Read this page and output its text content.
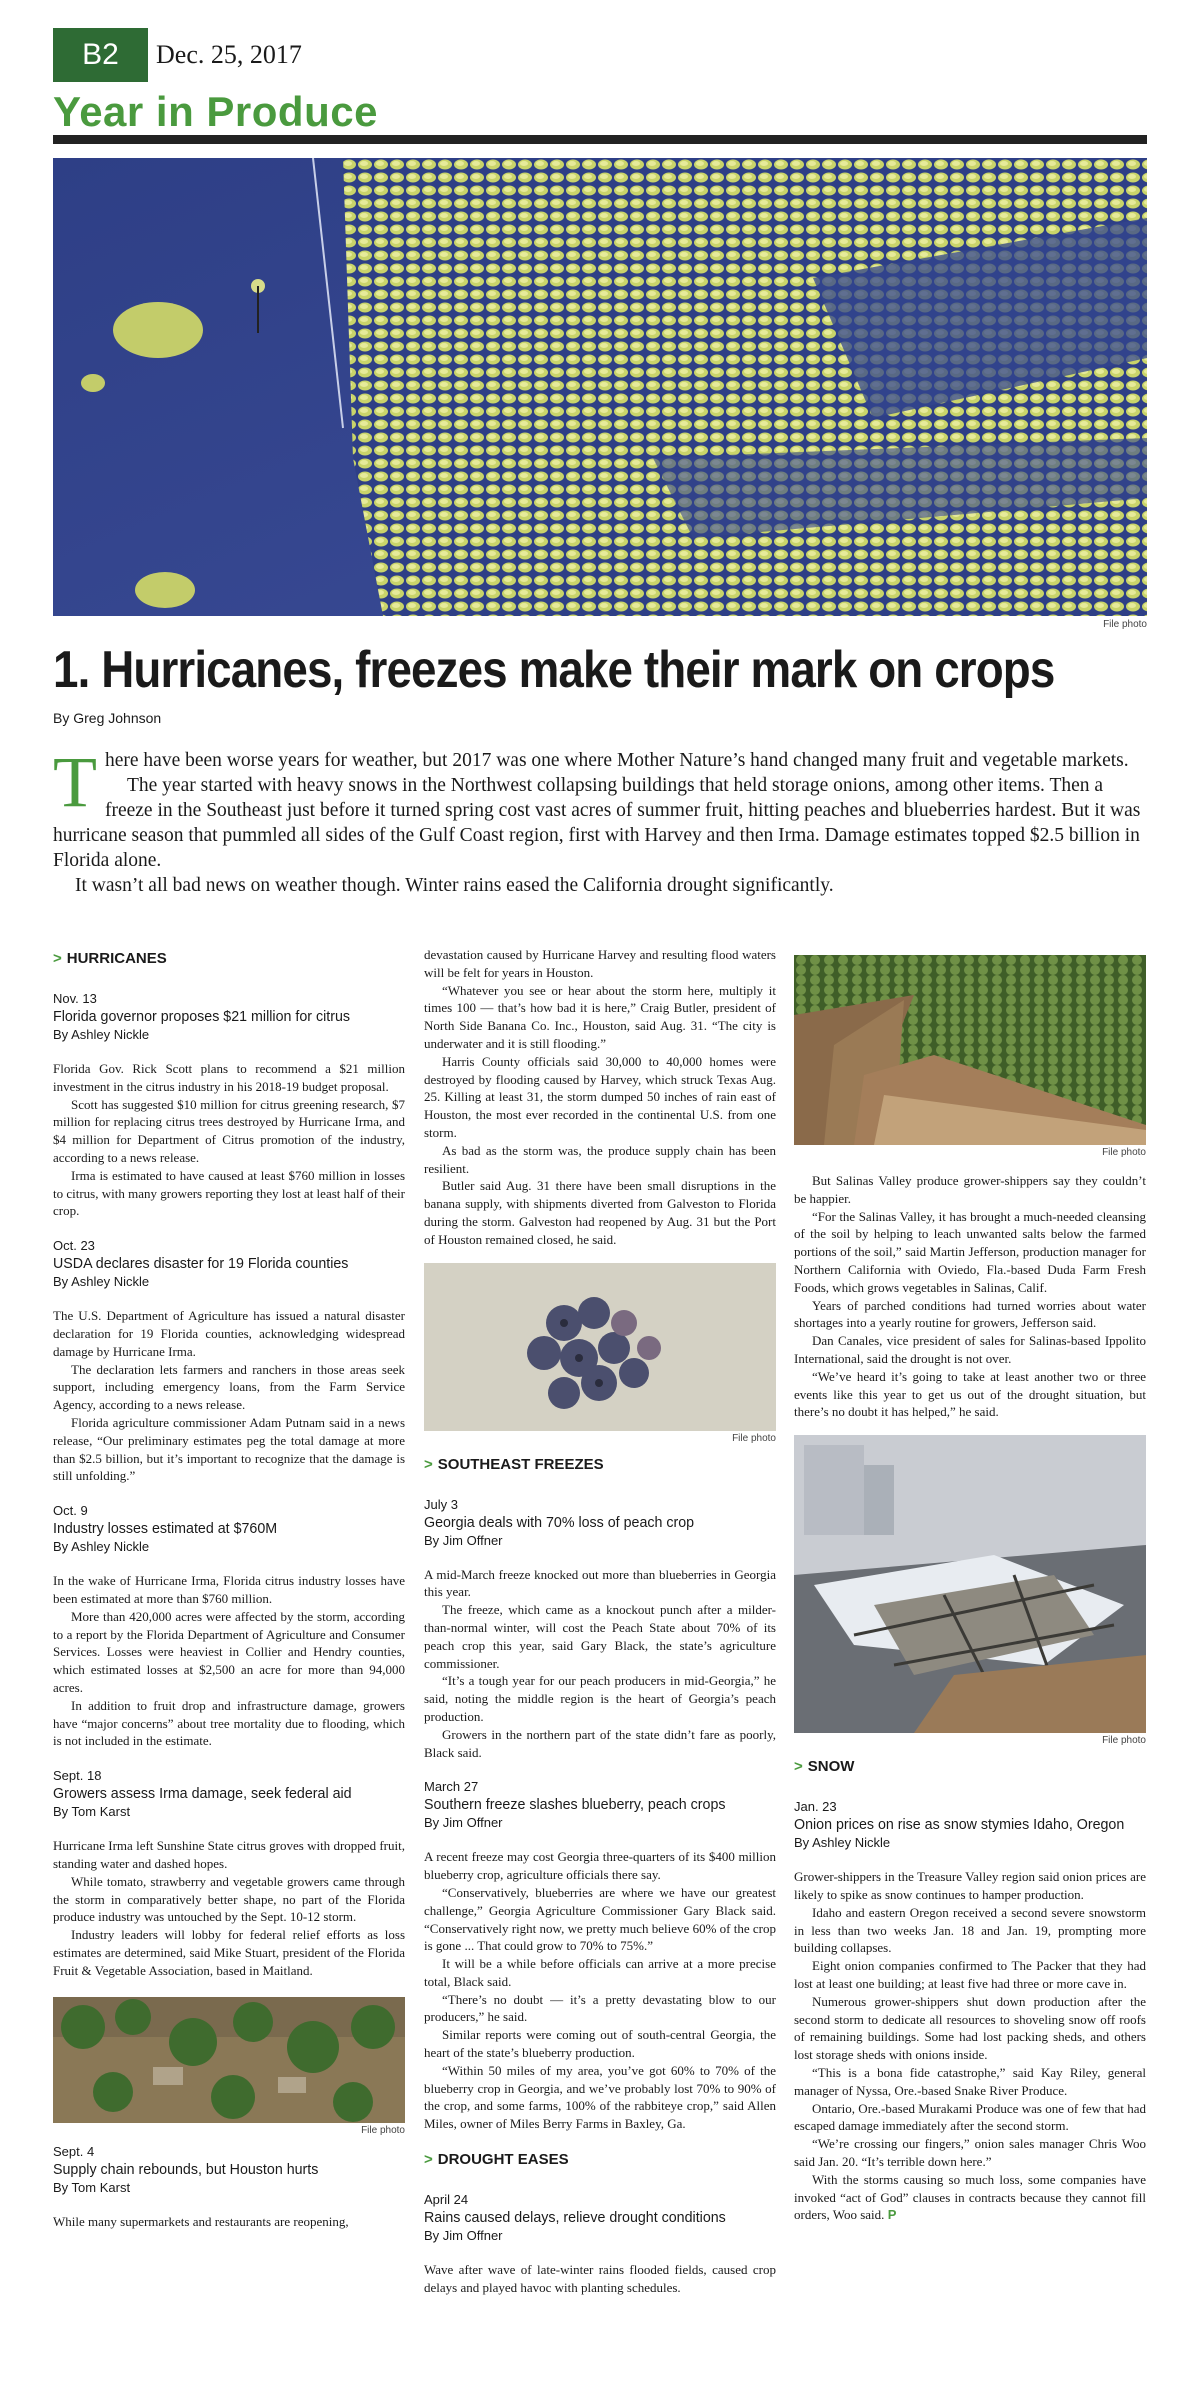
B2	Dec. 25, 2017
Year in Produce
File photo
1. Hurricanes, freezes make their mark on crops
By Greg Johnson

There have been worse years for weather, but 2017 was one where Mother Nature’s hand changed many fruit and vegetable markets.

The year started with heavy snows in the Northwest collapsing buildings that held storage onions, among other items. Then a freeze in the Southeast just before it turned spring cost vast acres of summer fruit, hitting peaches and blueberries hardest. But it was hurricane season that pummled all sides of the Gulf Coast region, first with Harvey and then Irma. Damage estimates topped $2.5 billion in Florida alone.

It wasn’t all bad news on weather though. Winter rains eased the California drought significantly.

> HURRICANES

Nov. 13

Florida governor proposes $21 million for citrus

By Ashley Nickle

Florida Gov. Rick Scott plans to recommend a $21 million investment in the citrus industry in his 2018-19 budget proposal.

Scott has suggested $10 million for citrus greening research, $7 million for replacing citrus trees destroyed by Hurricane Irma, and $4 million for Department of Citrus promotion of the industry, according to a news release.

Irma is estimated to have caused at least $760 million in losses to citrus, with many growers reporting they lost at least half of their crop.

Oct. 23

USDA declares disaster for 19 Florida counties

By Ashley Nickle

The U.S. Department of Agriculture has issued a natural disaster declaration for 19 Florida counties, acknowledging widespread damage by Hurricane Irma.

The declaration lets farmers and ranchers in those areas seek support, including emergency loans, from the Farm Service Agency, according to a news release.

Florida agriculture commissioner Adam Putnam said in a news release, “Our preliminary estimates peg the total damage at more than $2.5 billion, but it’s important to recognize that the damage is still unfolding.”

Oct. 9

Industry losses estimated at $760M

By Ashley Nickle

In the wake of Hurricane Irma, Florida citrus industry losses have been estimated at more than $760 million.

More than 420,000 acres were affected by the storm, according to a report by the Florida Department of Agriculture and Consumer Services. Losses were heaviest in Collier and Hendry counties, which estimated losses at $2,500 an acre for more than 94,000 acres.

In addition to fruit drop and infrastructure damage, growers have “major concerns” about tree mortality due to flooding, which is not included in the estimate.

Sept. 18

Growers assess Irma damage, seek federal aid

By Tom Karst

Hurricane Irma left Sunshine State citrus groves with dropped fruit, standing water and dashed hopes.

While tomato, strawberry and vegetable growers came through the storm in comparatively better shape, no part of the Florida produce industry was untouched by the Sept. 10-12 storm.

Industry leaders will lobby for federal relief efforts as loss estimates are determined, said Mike Stuart, president of the Florida Fruit & Vegetable Association, based in Maitland.

File photo

Sept. 4

Supply chain rebounds, but Houston hurts

By Tom Karst

While many supermarkets and restaurants are reopening,

devastation caused by Hurricane Harvey and resulting flood waters will be felt for years in Houston.

“Whatever you see or hear about the storm here, multiply it times 100 — that’s how bad it is here,” Craig Butler, president of North Side Banana Co. Inc., Houston, said Aug. 31. “The city is underwater and it is still flooding.”

Harris County officials said 30,000 to 40,000 homes were destroyed by flooding caused by Harvey, which struck Texas Aug. 25. Killing at least 31, the storm dumped 50 inches of rain east of Houston, the most ever recorded in the continental U.S. from one storm.

As bad as the storm was, the produce supply chain has been resilient.

Butler said Aug. 31 there have been small disruptions in the banana supply, with shipments diverted from Galveston to Florida during the storm. Galveston had reopened by Aug. 31 but the Port of Houston remained closed, he said.

File photo
> SOUTHEAST FREEZES

July 3

Georgia deals with 70% loss of peach crop

By Jim Offner

A mid-March freeze knocked out more than blueberries in Georgia this year.

The freeze, which came as a knockout punch after a milder-than-normal winter, will cost the Peach State about 70% of its peach crop this year, said Gary Black, the state’s agriculture commissioner.

“It’s a tough year for our peach producers in mid-Georgia,” he said, noting the middle region is the heart of Georgia’s peach production.

Growers in the northern part of the state didn’t fare as poorly, Black said.

March 27

Southern freeze slashes blueberry, peach crops

By Jim Offner

A recent freeze may cost Georgia three-quarters of its $400 million blueberry crop, agriculture officials there say.

“Conservatively, blueberries are where we have our greatest challenge,” Georgia Agriculture Commissioner Gary Black said. “Conservatively right now, we pretty much believe 60% of the crop is gone ... That could grow to 70% to 75%.”

It will be a while before officials can arrive at a more precise total, Black said.

“There’s no doubt — it’s a pretty devastating blow to our producers,” he said.

Similar reports were coming out of south-central Georgia, the heart of the state’s blueberry production.

“Within 50 miles of my area, you’ve got 60% to 70% of the blueberry crop in Georgia, and we’ve probably lost 70% to 90% of the crop, and some farms, 100% of the rabbiteye crop,” said Allen Miles, owner of Miles Berry Farms in Baxley, Ga.

> DROUGHT EASES

April 24

Rains caused delays, relieve drought conditions

By Jim Offner

Wave after wave of late-winter rains flooded fields, caused crop delays and played havoc with planting schedules.

File photo

But Salinas Valley produce grower-shippers say they couldn’t be happier.

“For the Salinas Valley, it has brought a much-needed cleansing of the soil by helping to leach unwanted salts below the farmed portions of the soil,” said Martin Jefferson, production manager for Northern California with Oviedo, Fla.-based Duda Farm Fresh Foods, which grows vegetables in Salinas, Calif.

Years of parched conditions had turned worries about water shortages into a yearly routine for growers, Jefferson said.

Dan Canales, vice president of sales for Salinas-based Ippolito International, said the drought is not over.

“We’ve heard it’s going to take at least another two or three events like this year to get us out of the drought situation, but there’s no doubt it has helped,” he said.

File photo
> SNOW

Jan. 23

Onion prices on rise as snow stymies Idaho, Oregon

By Ashley Nickle

Grower-shippers in the Treasure Valley region said onion prices are likely to spike as snow continues to hamper production.

Idaho and eastern Oregon received a second severe snowstorm in less than two weeks Jan. 18 and Jan. 19, prompting more building collapses.

Eight onion companies confirmed to The Packer that they had lost at least one building; at least five had three or more cave in.

Numerous grower-shippers shut down production after the second storm to dedicate all resources to shoveling snow off roofs of remaining buildings. Some had lost packing sheds, and others lost storage sheds with onions inside.

“This is a bona fide catastrophe,” said Kay Riley, general manager of Nyssa, Ore.-based Snake River Produce.

Ontario, Ore.-based Murakami Produce was one of few that had escaped damage immediately after the second storm.

“We’re crossing our fingers,” onion sales manager Chris Woo said Jan. 20. “It’s terrible down here.”

With the storms causing so much loss, some companies have invoked “act of God” clauses in contracts because they cannot fill orders, Woo said. P
